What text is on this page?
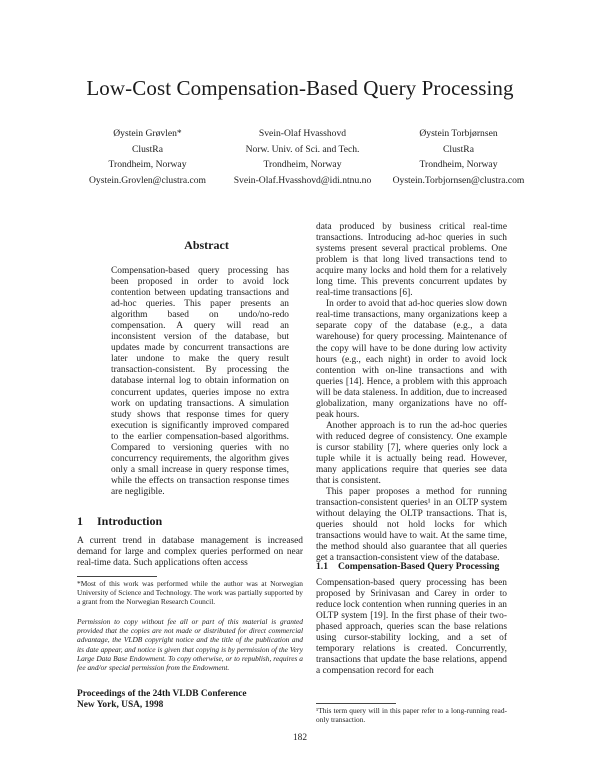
Low-Cost Compensation-Based Query Processing
Øystein Grøvlen*
ClustRa
Trondheim, Norway
Oystein.Grovlen@clustra.com
Svein-Olaf Hvasshovd
Norw. Univ. of Sci. and Tech.
Trondheim, Norway
Svein-Olaf.Hvasshovd@idi.ntnu.no
Øystein Torbjørnsen
ClustRa
Trondheim, Norway
Oystein.Torbjornsen@clustra.com
Abstract

Compensation-based query processing has been proposed in order to avoid lock contention between updating transactions and ad-hoc queries. This paper presents an algorithm based on undo/no-redo compensation. A query will read an inconsistent version of the database, but updates made by concurrent transactions are later undone to make the query result transaction-consistent. By processing the database internal log to obtain information on concurrent updates, queries impose no extra work on updating transactions. A simulation study shows that response times for query execution is significantly improved compared to the earlier compensation-based algorithms. Compared to versioning queries with no concurrency requirements, the algorithm gives only a small increase in query response times, while the effects on transaction response times are negligible.

1 Introduction

A current trend in database management is increased demand for large and complex queries performed on near real-time data. Such applications often access

*Most of this work was performed while the author was at Norwegian University of Science and Technology. The work was partially supported by a grant from the Norwegian Research Council.

Permission to copy without fee all or part of this material is granted provided that the copies are not made or distributed for direct commercial advantage, the VLDB copyright notice and the title of the publication and its date appear, and notice is given that copying is by permission of the Very Large Data Base Endowment. To copy otherwise, or to republish, requires a fee and/or special permission from the Endowment.

Proceedings of the 24th VLDB Conference
New York, USA, 1998

data produced by business critical real-time transactions. Introducing ad-hoc queries in such systems present several practical problems. One problem is that long lived transactions tend to acquire many locks and hold them for a relatively long time. This prevents concurrent updates by real-time transactions [6].

In order to avoid that ad-hoc queries slow down real-time transactions, many organizations keep a separate copy of the database (e.g., a data warehouse) for query processing. Maintenance of the copy will have to be done during low activity hours (e.g., each night) in order to avoid lock contention with on-line transactions and with queries [14]. Hence, a problem with this approach will be data staleness. In addition, due to increased globalization, many organizations have no off-peak hours.

Another approach is to run the ad-hoc queries with reduced degree of consistency. One example is cursor stability [7], where queries only lock a tuple while it is actually being read. However, many applications require that queries see data that is consistent.

This paper proposes a method for running transaction-consistent queries¹ in an OLTP system without delaying the OLTP transactions. That is, queries should not hold locks for which transactions would have to wait. At the same time, the method should also guarantee that all queries get a transaction-consistent view of the database.

1.1 Compensation-Based Query Processing

Compensation-based query processing has been proposed by Srinivasan and Carey in order to reduce lock contention when running queries in an OLTP system [19]. In the first phase of their two-phased approach, queries scan the base relations using cursor-stability locking, and a set of temporary relations is created. Concurrently, transactions that update the base relations, append a compensation record for each

¹This term query will in this paper refer to a long-running read-only transaction.

182
